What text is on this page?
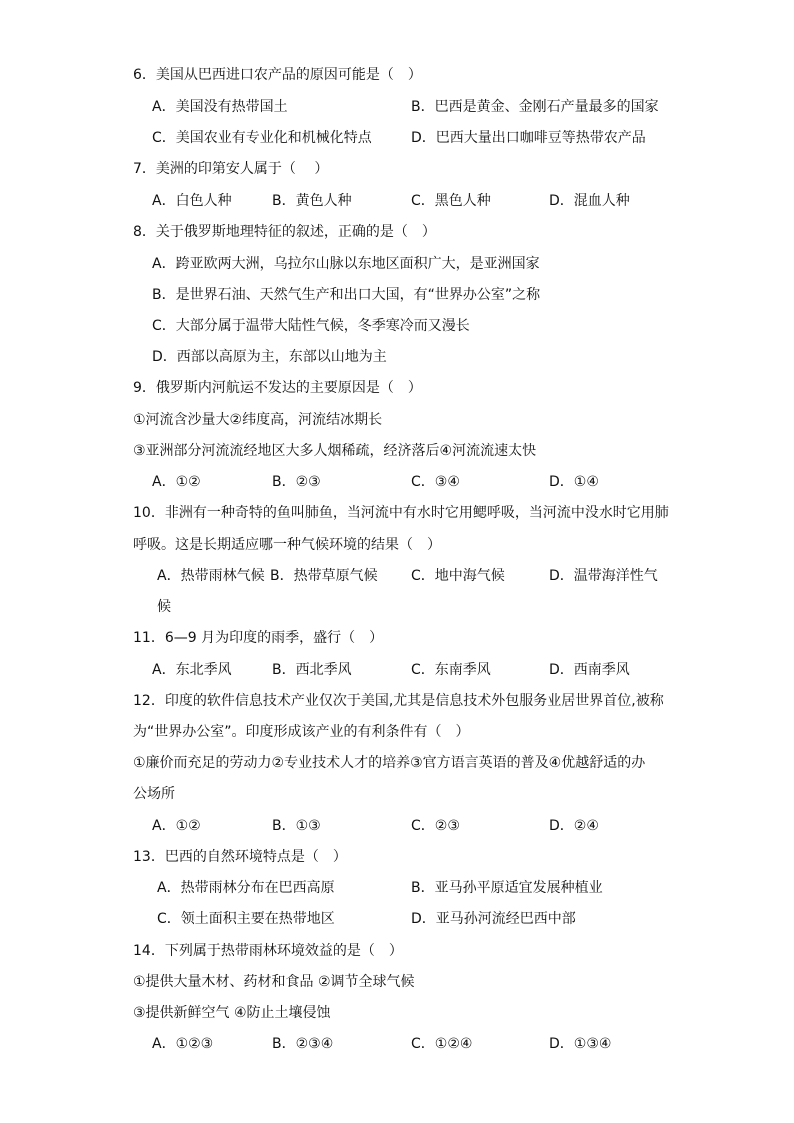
6．美国从巴西进口农产品的原因可能是（　）
A．美国没有热带国土	B．巴西是黄金、金刚石产量最多的国家
C．美国农业有专业化和机械化特点	D．巴西大量出口咖啡豆等热带农产品
7．美洲的印第安人属于（　 ）
A．白色人种	B．黄色人种	C．黑色人种	D．混血人种
8．关于俄罗斯地理特征的叙述，正确的是（　）
A．跨亚欧两大洲，乌拉尔山脉以东地区面积广大，是亚洲国家
B．是世界石油、天然气生产和出口大国，有“世界办公室”之称
C．大部分属于温带大陆性气候，冬季寒冷而又漫长
D．西部以高原为主，东部以山地为主
9．俄罗斯内河航运不发达的主要原因是（　）
①河流含沙量大②纬度高，河流结冰期长
③亚洲部分河流流经地区大多人烟稀疏，经济落后④河流流速太快
A．①②	B．②③	C．③④	D．①④
10．非洲有一种奇特的鱼叫肺鱼，当河流中有水时它用鳃呼吸，当河流中没水时它用肺
呼吸。这是长期适应哪一种气候环境的结果（　）
A．热带雨林气候 B．热带草原气候 C．地中海气候	D．温带海洋性气
候
11．6—9 月为印度的雨季，盛行（　）
A．东北季风	B．西北季风	C．东南季风	D．西南季风
12．印度的软件信息技术产业仅次于美国,尤其是信息技术外包服务业居世界首位,被称
为“世界办公室”。印度形成该产业的有利条件有（　）
①廉价而充足的劳动力②专业技术人才的培养③官方语言英语的普及④优越舒适的办
公场所
A．①②	B．①③	C．②③	D．②④
13．巴西的自然环境特点是（　）
A．热带雨林分布在巴西高原	B．亚马孙平原适宜发展种植业
C．领土面积主要在热带地区	D．亚马孙河流经巴西中部
14．下列属于热带雨林环境效益的是（　）
①提供大量木材、药材和食品 ②调节全球气候
③提供新鲜空气 ④防止土壤侵蚀
A．①②③	B．②③④	C．①②④	D．①③④
